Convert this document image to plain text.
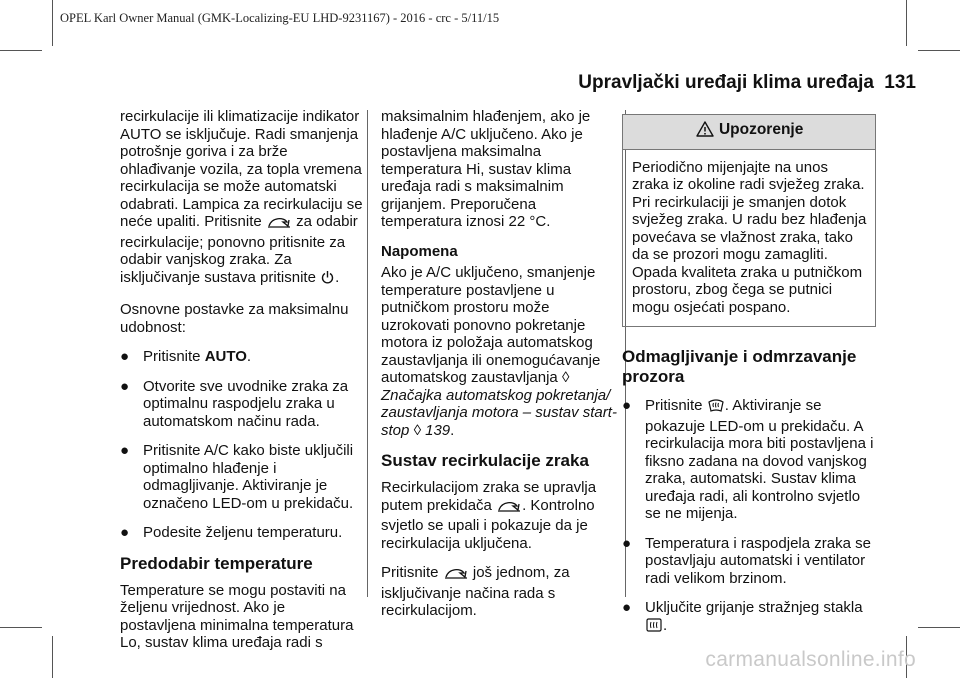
OPEL Karl Owner Manual (GMK-Localizing-EU LHD-9231167) - 2016 - crc - 5/11/15
Upravljački uređaji klima uređaja 131

recirkulacije ili klimatizacije indikator AUTO se isključuje. Radi smanjenja potrošnje goriva i za brže ohlađivanje vozila, za topla vremena recirkulacija se može automatski odabrati. Lampica za recirkulaciju se neće upaliti. Pritisnite za odabir recirkulacije; ponovno pritisnite za odabir vanjskog zraka. Za isključivanje sustava pritisnite .

Osnovne postavke za maksimalnu udobnost:

● Pritisnite AUTO.
● Otvorite sve uvodnike zraka za optimalnu raspodjelu zraka u automatskom načinu rada.
● Pritisnite A/C kako biste uključili optimalno hlađenje i odmagljivanje. Aktiviranje je označeno LED-om u prekidaču.
● Podesite željenu temperaturu.
Predodabir temperature

Temperature se mogu postaviti na željenu vrijednost. Ako je postavljena minimalna temperatura Lo, sustav klima uređaja radi s

maksimalnim hlađenjem, ako je hlađenje A/C uključeno. Ako je postavljena maksimalna temperatura Hi, sustav klima uređaja radi s maksimalnim grijanjem. Preporučena temperatura iznosi 22 °C.

Napomena

Ako je A/C uključeno, smanjenje temperature postavljene u putničkom prostoru može uzrokovati ponovno pokretanje motora iz položaja automatskog zaustavljanja ili onemogućavanje automatskog zaustavljanja ◊ Značajka automatskog pokretanja/ zaustavljanja motora – sustav start-stop ◊ 139.

Sustav recirkulacije zraka

Recirkulacijom zraka se upravlja putem prekidača . Kontrolno svjetlo se upali i pokazuje da je recirkulacija uključena.

Pritisnite još jednom, za isključivanje načina rada s recirkulacijom.

Upozorenje
Periodično mijenjajte na unos zraka iz okoline radi svježeg zraka. Pri recirkulaciji je smanjen dotok svježeg zraka. U radu bez hlađenja povećava se vlažnost zraka, tako da se prozori mogu zamagliti. Opada kvaliteta zraka u putničkom prostoru, zbog čega se putnici mogu osjećati pospano.
Odmagljivanje i odmrzavanje prozora
● Pritisnite . Aktiviranje se pokazuje LED-om u prekidaču. A recirkulacija mora biti postavljena i fiksno zadana na dovod vanjskog zraka, automatski. Sustav klima uređaja radi, ali kontrolno svjetlo se ne mijenja.
● Temperatura i raspodjela zraka se postavljaju automatski i ventilator radi velikom brzinom.
● Uključite grijanje stražnjeg stakla .
carmanualsonline.info
